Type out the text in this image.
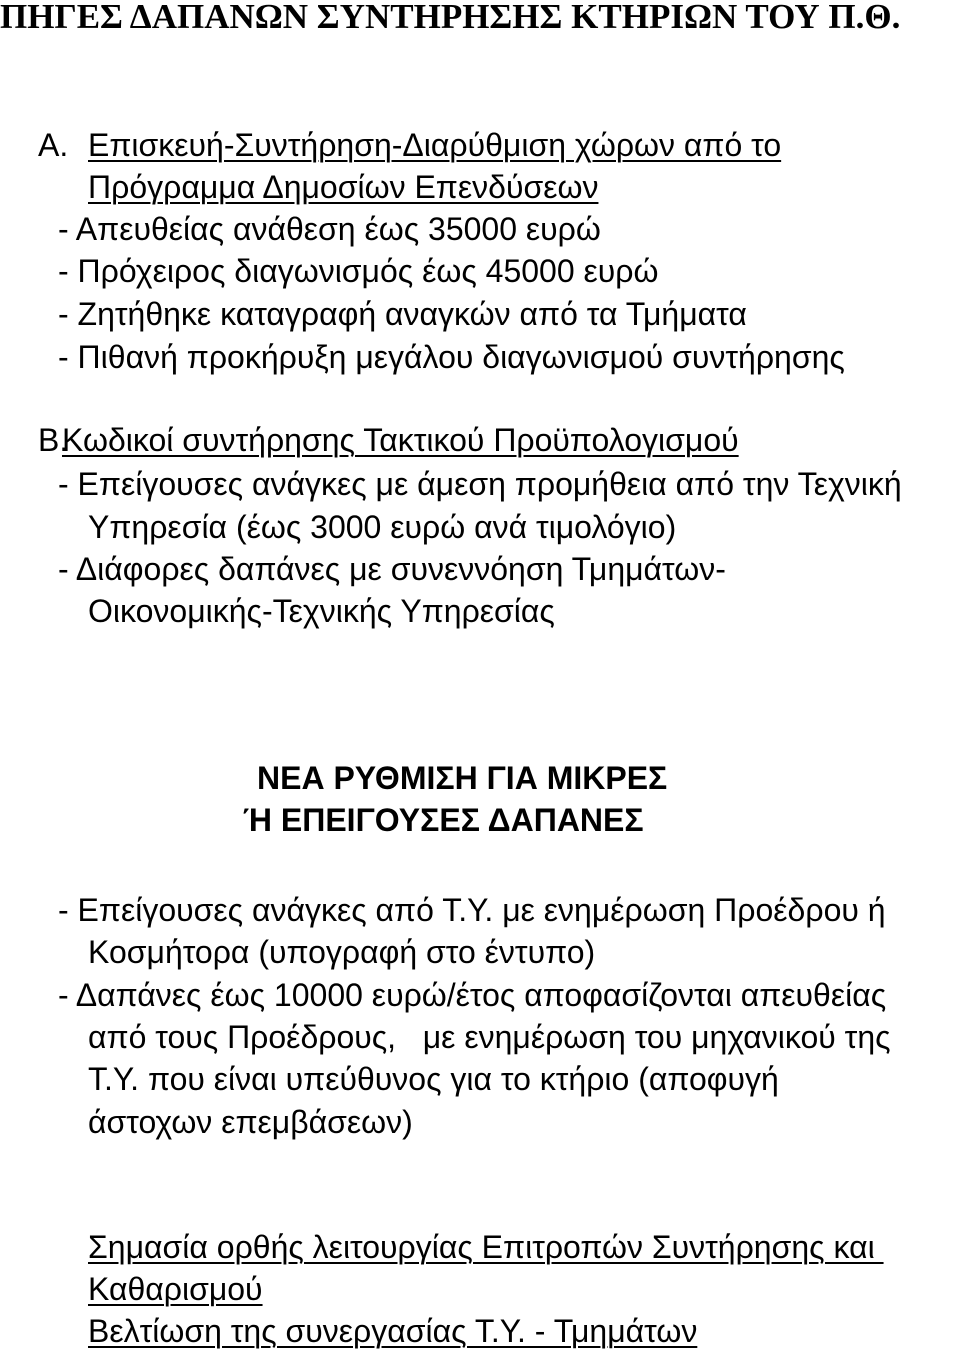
ΠΗΓΕΣ ΔΑΠΑΝΩΝ ΣΥΝΤΗΡΗΣΗΣ ΚΤΗΡΙΩΝ ΤΟΥ Π.Θ.
Α. Επισκευή-Συντήρηση-Διαρύθμιση χώρων από το
Πρόγραμμα Δημοσίων Επενδύσεων
- Απευθείας ανάθεση έως 35000 ευρώ
- Πρόχειρος διαγωνισμός έως 45000 ευρώ
- Ζητήθηκε καταγραφή αναγκών από τα Τμήματα
- Πιθανή προκήρυξη μεγάλου διαγωνισμού συντήρησης
Β.
Κωδικοί συντήρησης Τακτικού Προϋπολογισμού
- Επείγουσες ανάγκες με άμεση προμήθεια από την Τεχνική
Υπηρεσία (έως 3000 ευρώ ανά τιμολόγιο)
- Διάφορες δαπάνες με συνεννόηση Τμημάτων-
Οικονομικής-Τεχνικής Υπηρεσίας
ΝΕΑ ΡΥΘΜΙΣΗ ΓΙΑ ΜΙΚΡΕΣ
Ή ΕΠΕΙΓΟΥΣΕΣ ΔΑΠΑΝΕΣ
- Επείγουσες ανάγκες από Τ.Υ. με ενημέρωση Προέδρου ή
Κοσμήτορα (υπογραφή στο έντυπο)
- Δαπάνες έως 10000 ευρώ/έτος αποφασίζονται απευθείας
από τους Προέδρους,   με ενημέρωση του μηχανικού της
Τ.Υ. που είναι υπεύθυνος για το κτήριο (αποφυγή
άστοχων επεμβάσεων)
Σημασία ορθής λειτουργίας Επιτροπών Συντήρησης και
Καθαρισμού
Βελτίωση της συνεργασίας Τ.Υ. - Τμημάτων
